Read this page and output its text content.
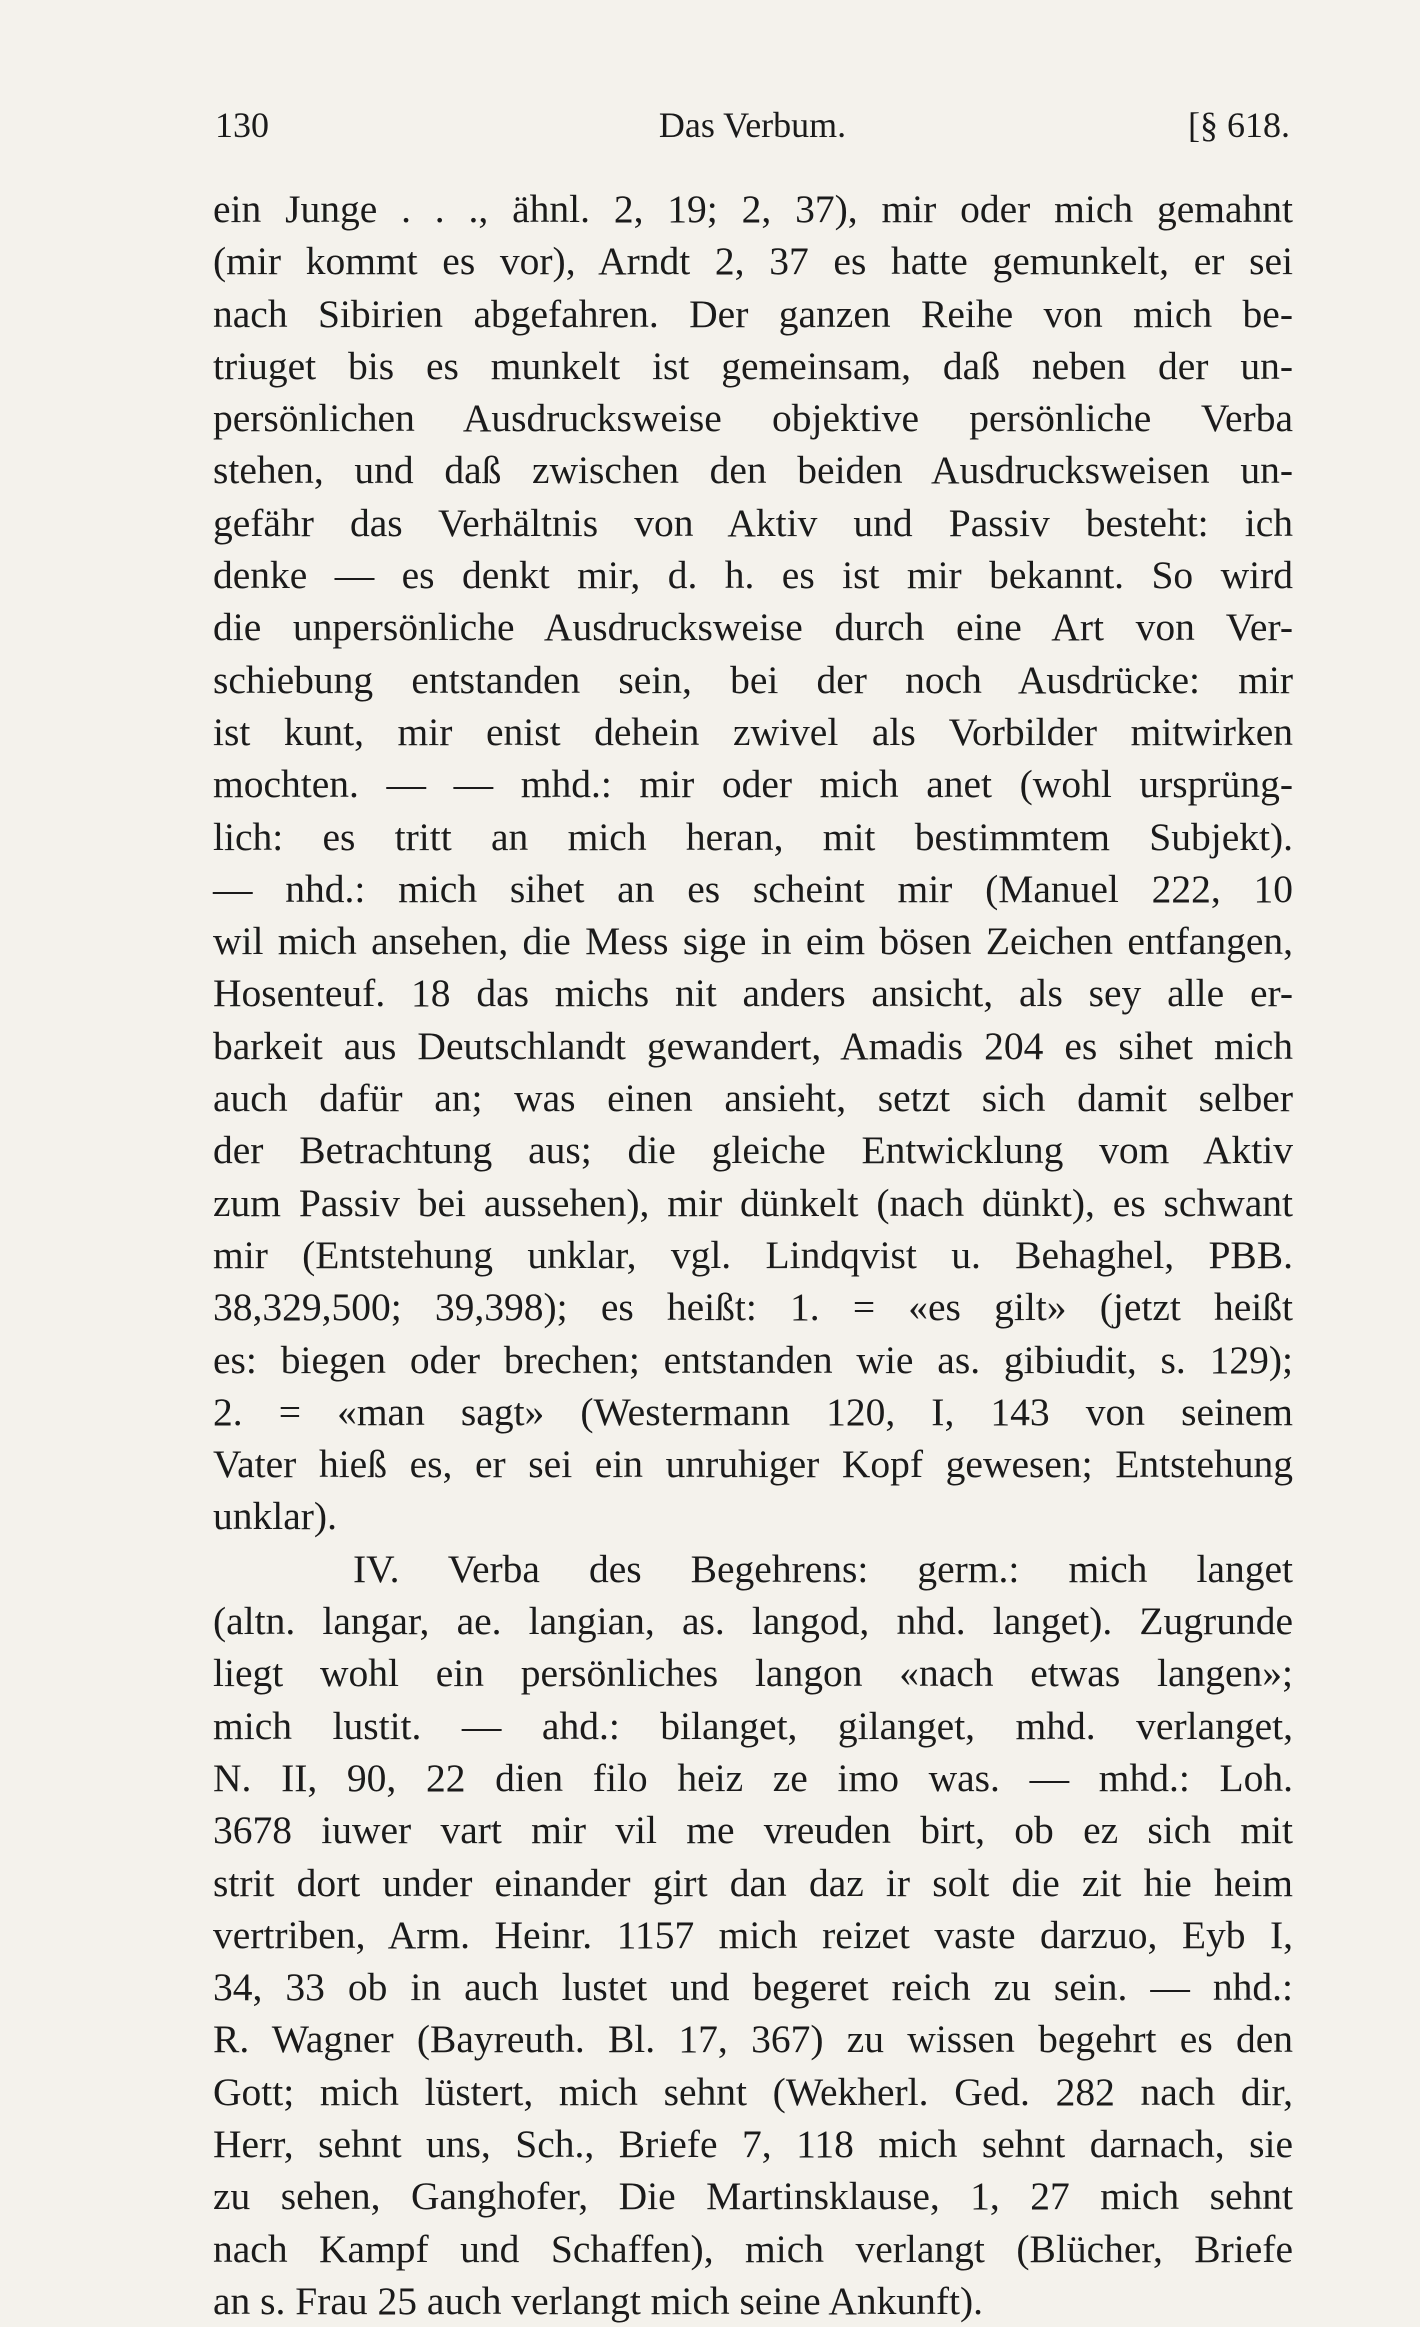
130	Das Verbum.	[§ 618.
ein Junge . . ., ähnl. 2, 19; 2, 37), mir oder mich gemahnt
(mir kommt es vor), Arndt 2, 37 es hatte gemunkelt, er sei
nach Sibirien abgefahren. Der ganzen Reihe von mich be-
triuget bis es munkelt ist gemeinsam, daß neben der un-
persönlichen Ausdrucksweise objektive persönliche Verba
stehen, und daß zwischen den beiden Ausdrucksweisen un-
gefähr das Verhältnis von Aktiv und Passiv besteht: ich
denke — es denkt mir, d. h. es ist mir bekannt. So wird
die unpersönliche Ausdrucksweise durch eine Art von Ver-
schiebung entstanden sein, bei der noch Ausdrücke: mir
ist kunt, mir enist dehein zwivel als Vorbilder mitwirken
mochten. — — mhd.: mir oder mich anet (wohl ursprüng-
lich: es tritt an mich heran, mit bestimmtem Subjekt).
— nhd.: mich sihet an es scheint mir (Manuel 222, 10
wil mich ansehen, die Mess sige in eim bösen Zeichen entfangen,
Hosenteuf. 18 das michs nit anders ansicht, als sey alle er-
barkeit aus Deutschlandt gewandert, Amadis 204 es sihet mich
auch dafür an; was einen ansieht, setzt sich damit selber
der Betrachtung aus; die gleiche Entwicklung vom Aktiv
zum Passiv bei aussehen), mir dünkelt (nach dünkt), es schwant
mir (Entstehung unklar, vgl. Lindqvist u. Behaghel, PBB.
38,329,500; 39,398); es heißt: 1. = «es gilt» (jetzt heißt
es: biegen oder brechen; entstanden wie as. gibiudit, s. 129);
2. = «man sagt» (Westermann 120, I, 143 von seinem
Vater hieß es, er sei ein unruhiger Kopf gewesen; Entstehung
unklar).
IV. Verba des Begehrens: germ.: mich langet
(altn. langar, ae. langian, as. langod, nhd. langet). Zugrunde
liegt wohl ein persönliches langon «nach etwas langen»;
mich lustit. — ahd.: bilanget, gilanget, mhd. verlanget,
N. II, 90, 22 dien filo heiz ze imo was. — mhd.: Loh.
3678 iuwer vart mir vil me vreuden birt, ob ez sich mit
strit dort under einander girt dan daz ir solt die zit hie heim
vertriben, Arm. Heinr. 1157 mich reizet vaste darzuo, Eyb I,
34, 33 ob in auch lustet und begeret reich zu sein. — nhd.:
R. Wagner (Bayreuth. Bl. 17, 367) zu wissen begehrt es den
Gott; mich lüstert, mich sehnt (Wekherl. Ged. 282 nach dir,
Herr, sehnt uns, Sch., Briefe 7, 118 mich sehnt darnach, sie
zu sehen, Ganghofer, Die Martinsklause, 1, 27 mich sehnt
nach Kampf und Schaffen), mich verlangt (Blücher, Briefe
an s. Frau 25 auch verlangt mich seine Ankunft).
